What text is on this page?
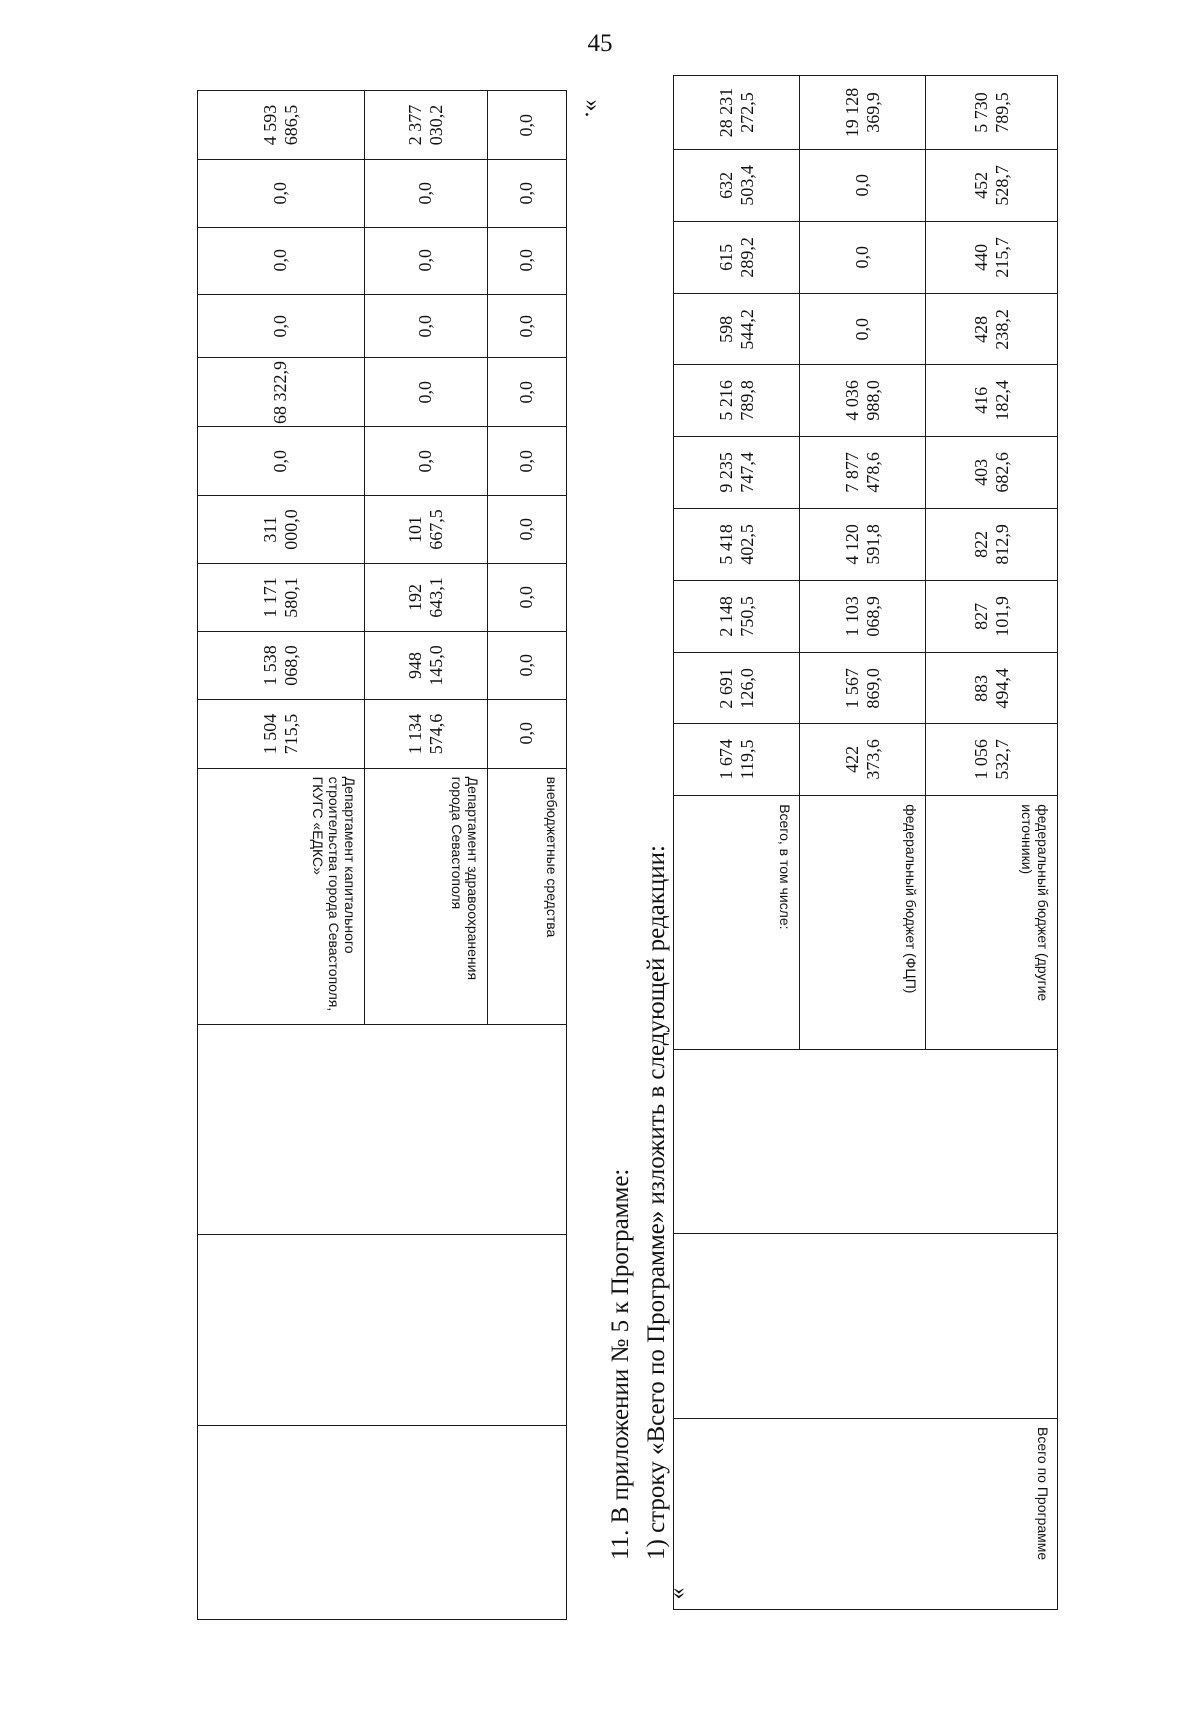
45
».
0,0	0,0	0,0	0,0	0,0	0,0	0,0	0,0	0,0	0,0	внебюджетные средства			
2 377 030,2	0,0	0,0	0,0	0,0	0,0	101 667,5	192 643,1	948 145,0	1 134 574,6	Департамент здравоохранения города Севастополя			
4 593 686,5	0,0	0,0	0,0	68 322,9	0,0	311 000,0	1 171 580,1	1 538 068,0	1 504 715,5	Департамент капитального строительства города Севастополя, ГКУГС «ЕДКС»			
11. В приложении № 5 к Программе: 1) строку «Всего по Программе» изложить в следующей редакции:
«
5 730 789,5	452 528,7	440 215,7	428 238,2	416 182,4	403 682,6	822 812,9	827 101,9	883 494,4	1 056 532,7	федеральный бюджет (другие источники)			Всего по Программе
19 128 369,9	0,0	0,0	0,0	4 036 988,0	7 877 478,6	4 120 591,8	1 103 068,9	1 567 869,0	422 373,6	федеральный бюджет (ФЦП)			
28 231 272,5	632 503,4	615 289,2	598 544,2	5 216 789,8	9 235 747,4	5 418 402,5	2 148 750,5	2 691 126,0	1 674 119,5	Всего, в том числе:			
